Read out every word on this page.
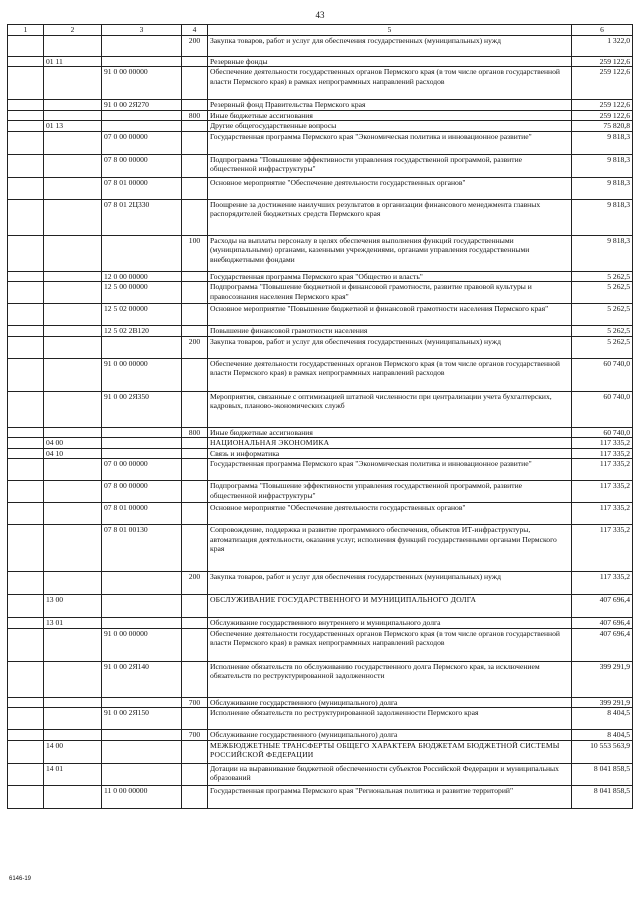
43
1	2	3	4	5	6
			200	Закупка товаров, работ и услуг для обеспечения государственных (муниципальных) нужд	1 322,0
	01 11			Резервные фонды	259 122,6
		91 0 00 00000		Обеспечение деятельности государственных органов Пермского края (в том числе органов государственной власти Пермского края) в рамках непрограммных направлений расходов	259 122,6
		91 0 00 2Я270		Резервный фонд Правительства Пермского края	259 122,6
			800	Иные бюджетные ассигнования	259 122,6
	01 13			Другие общегосударственные вопросы	75 820,8
		07 0 00 00000		Государственная программа Пермского края "Экономическая политика и инновационное развитие"	9 818,3
		07 8 00 00000		Подпрограмма "Повышение эффективности управления государственной программой, развитие общественной инфраструктуры"	9 818,3
		07 8 01 00000		Основное мероприятие "Обеспечение деятельности государственных органов"	9 818,3
		07 8 01 2Ц330		Поощрение за достижение наилучших результатов в организации финансового менеджмента главных распорядителей бюджетных средств Пермского края	9 818,3
			100	Расходы на выплаты персоналу в целях обеспечения выполнения функций государственными (муниципальными) органами, казенными учреждениями, органами управления государственными внебюджетными фондами	9 818,3
		12 0 00 00000		Государственная программа Пермского края "Общество и власть"	5 262,5
		12 5 00 00000		Подпрограмма "Повышение бюджетной и финансовой грамотности, развитие правовой культуры и правосознания населения Пермского края"	5 262,5
		12 5 02 00000		Основное мероприятие "Повышение бюджетной и финансовой грамотности населения Пермского края"	5 262,5
		12 5 02 2В120		Повышение финансовой грамотности населения	5 262,5
			200	Закупка товаров, работ и услуг для обеспечения государственных (муниципальных) нужд	5 262,5
		91 0 00 00000		Обеспечение деятельности государственных органов Пермского края (в том числе органов государственной власти Пермского края) в рамках непрограммных направлений расходов	60 740,0
		91 0 00 2Я350		Мероприятия, связанные с оптимизацией штатной численности при централизации учета бухгалтерских, кадровых, планово-экономических служб	60 740,0
			800	Иные бюджетные ассигнования	60 740,0
	04 00			НАЦИОНАЛЬНАЯ ЭКОНОМИКА	117 335,2
	04 10			Связь и информатика	117 335,2
		07 0 00 00000		Государственная программа Пермского края "Экономическая политика и инновационное развитие"	117 335,2
		07 8 00 00000		Подпрограмма "Повышение эффективности управления государственной программой, развитие общественной инфраструктуры"	117 335,2
		07 8 01 00000		Основное мероприятие "Обеспечение деятельности государственных органов"	117 335,2
		07 8 01 00130		Сопровождение, поддержка и развитие программного обеспечения, объектов ИТ-инфраструктуры, автоматизация деятельности, оказания услуг, исполнения функций государственными органами Пермского края	117 335,2
			200	Закупка товаров, работ и услуг для обеспечения государственных (муниципальных) нужд	117 335,2
	13 00			ОБСЛУЖИВАНИЕ ГОСУДАРСТВЕННОГО И МУНИЦИПАЛЬНОГО ДОЛГА	407 696,4
	13 01			Обслуживание государственного внутреннего и муниципального долга	407 696,4
		91 0 00 00000		Обеспечение деятельности государственных органов Пермского края (в том числе органов государственной власти Пермского края) в рамках непрограммных направлений расходов	407 696,4
		91 0 00 2Я140		Исполнение обязательств по обслуживанию государственного долга Пермского края, за исключением обязательств по реструктурированной задолженности	399 291,9
			700	Обслуживание государственного (муниципального) долга	399 291,9
		91 0 00 2Я150		Исполнение обязательств по реструктурированной задолженности Пермского края	8 404,5
			700	Обслуживание государственного (муниципального) долга	8 404,5
	14 00			МЕЖБЮДЖЕТНЫЕ ТРАНСФЕРТЫ ОБЩЕГО ХАРАКТЕРА БЮДЖЕТАМ БЮДЖЕТНОЙ СИСТЕМЫ РОССИЙСКОЙ ФЕДЕРАЦИИ	10 553 563,9
	14 01			Дотации на выравнивание бюджетной обеспеченности субъектов Российской Федерации и муниципальных образований	8 041 858,5
		11 0 00 00000		Государственная программа Пермского края "Региональная политика и развитие территорий"	8 041 858,5
6146-19
